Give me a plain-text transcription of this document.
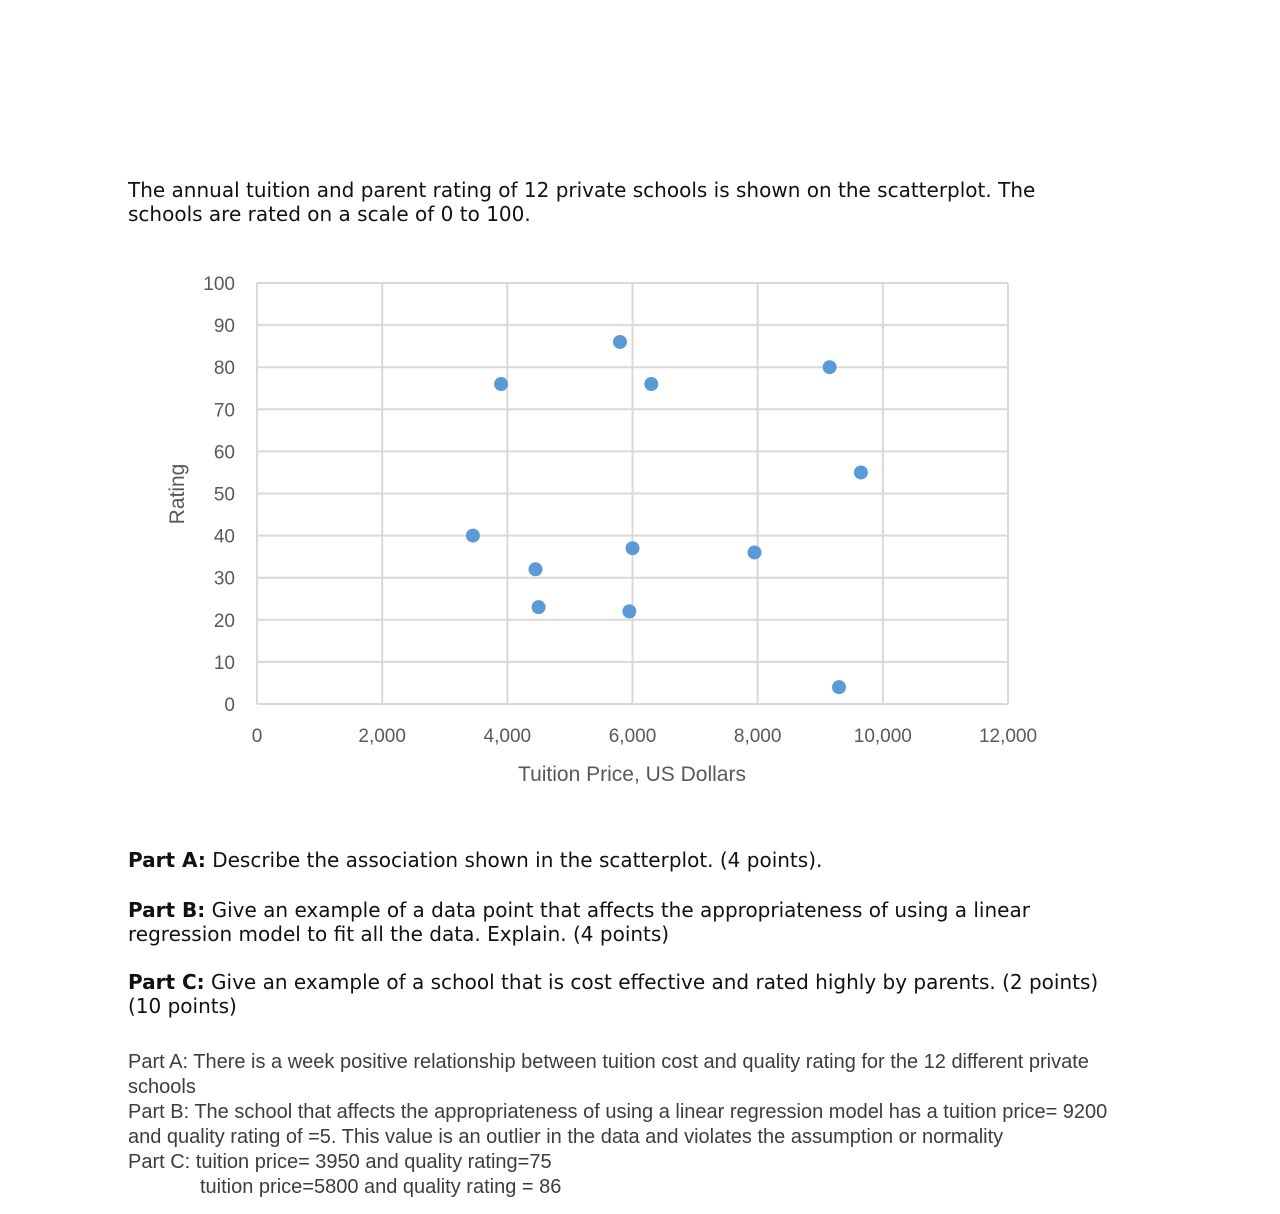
The annual tuition and parent rating of 12 private schools is shown on the scatterplot. The schools are rated on a scale of 0 to 100.
0
10
20
30
40
50
60
70
80
90
100
0	2,000	4,000	6,000	8,000	10,000	12,000
Tuition Price, US Dollars
Rating
Part A: Describe the association shown in the scatterplot. (4 points).
Part B: Give an example of a data point that affects the appropriateness of using a linear regression model to fit all the data. Explain. (4 points)
Part C: Give an example of a school that is cost effective and rated highly by parents. (2 points) (10 points)

Part A: There is a week positive relationship between tuition cost and quality rating for the 12 different private schools

Part B: The school that affects the appropriateness of using a linear regression model has a tuition price= 9200 and quality rating of =5. This value is an outlier in the data and violates the assumption or normality

Part C: tuition price= 3950 and quality rating=75

tuition price=5800 and quality rating = 86
